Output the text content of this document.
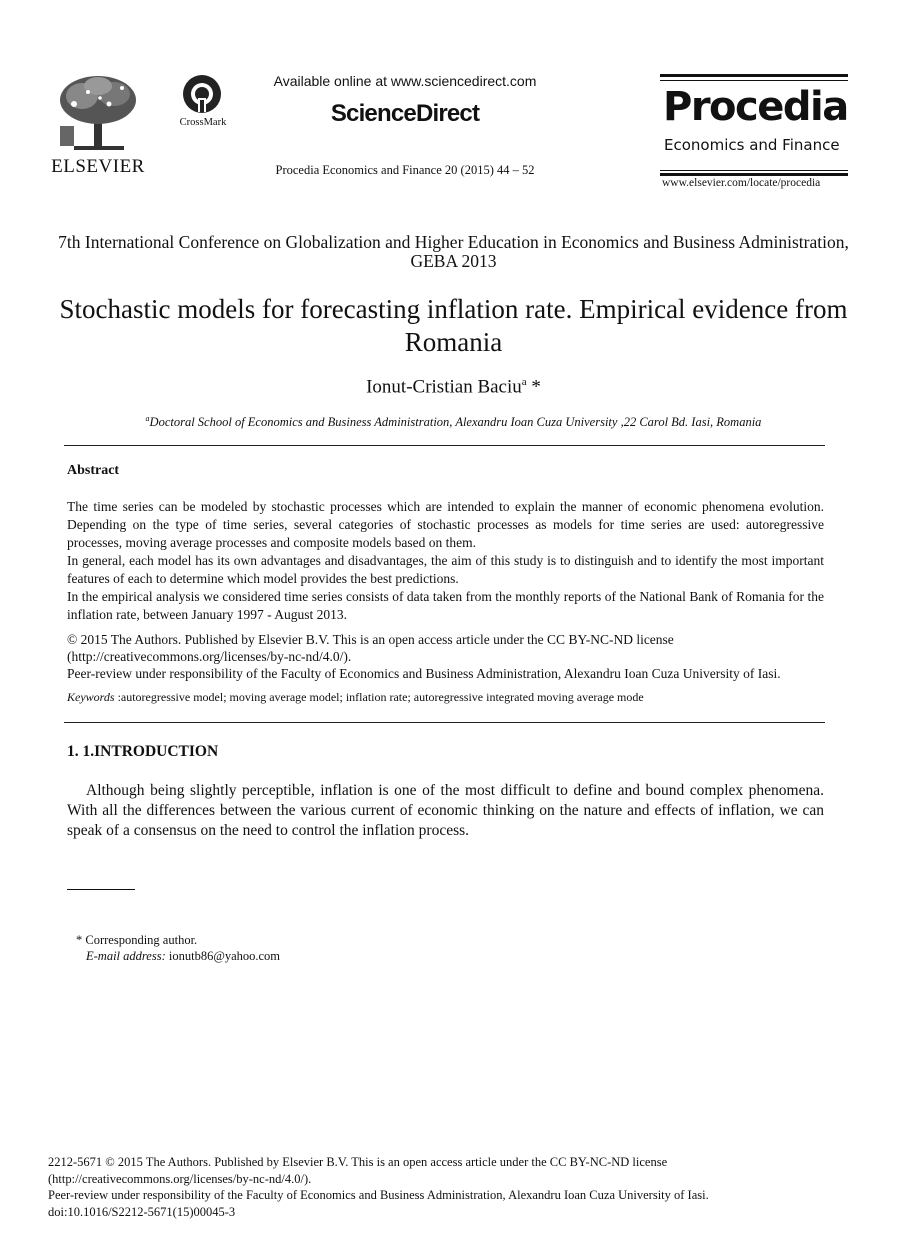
ELSEVIER
CrossMark
Available online at www.sciencedirect.com
ScienceDirect
Procedia Economics and Finance 20 (2015) 44 – 52
Procedia
Economics and Finance
www.elsevier.com/locate/procedia
7th International Conference on Globalization and Higher Education in Economics and Business Administration, GEBA 2013
Stochastic models for forecasting inflation rate. Empirical evidence from Romania
Ionut-Cristian Baciu$^a$ *
$^a$Doctoral School of Economics and Business Administration, Alexandru Ioan Cuza University ,22 Carol Bd. Iasi, Romania
Abstract

The time series can be modeled by stochastic processes which are intended to explain the manner of economic phenomena evolution. Depending on the type of time series, several categories of stochastic processes as models for time series are used: autoregressive processes, moving average processes and composite models based on them.

In general, each model has its own advantages and disadvantages, the aim of this study is to distinguish and to identify the most important features of each to determine which model provides the best predictions.

In the empirical analysis we considered time series consists of data taken from the monthly reports of the National Bank of Romania for the inflation rate, between January 1997 - August 2013.

© 2015 The Authors. Published by Elsevier B.V. This is an open access article under the CC BY-NC-ND license

(http://creativecommons.org/licenses/by-nc-nd/4.0/).

Peer-review under responsibility of the Faculty of Economics and Business Administration, Alexandru Ioan Cuza University of Iasi.

Keywords :autoregressive model; moving average model; inflation rate; autoregressive integrated moving average mode
1. 1.INTRODUCTION

Although being slightly perceptible, inflation is one of the most difficult to define and bound complex phenomena. With all the differences between the various current of economic thinking on the nature and effects of inflation, we can speak of a consensus on the need to control the inflation process.

* Corresponding author.
E-mail address: ionutb86@yahoo.com
2212-5671 © 2015 The Authors. Published by Elsevier B.V. This is an open access article under the CC BY-NC-ND license
(http://creativecommons.org/licenses/by-nc-nd/4.0/).
Peer-review under responsibility of the Faculty of Economics and Business Administration, Alexandru Ioan Cuza University of Iasi.
doi:10.1016/S2212-5671(15)00045-3
